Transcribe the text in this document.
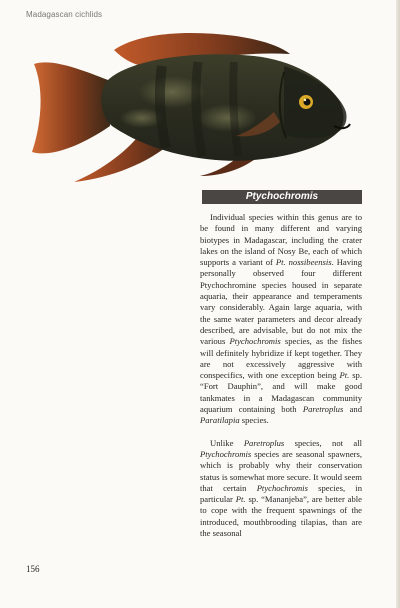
Madagascan cichlids
Ptychochromis

Individual species within this genus are to be found in many different and varying biotypes in Madagascar, including the crater lakes on the island of Nosy Be, each of which supports a variant of Pt. nossibeensis. Having personally observed four different Ptychochromine species housed in separate aquaria, their appearance and temperaments vary considerably. Again large aquaria, with the same water parameters and decor already described, are advisable, but do not mix the various Ptychochromis species, as the fishes will definitely hybridize if kept together. They are not excessively aggressive with conspecifics, with one exception being Pt. sp. “Fort Dauphin”, and will make good tankmates in a Madagascan community aquarium containing both Paretroplus and Paratilapia species.

Unlike Paretroplus species, not all Ptychochromis species are seasonal spawners, which is probably why their conservation status is somewhat more secure. It would seem that certain Ptychochromis species, in particular Pt. sp. “Mananjeba”, are better able to cope with the frequent spawnings of the introduced, mouthbrooding tilapias, than are the seasonal

156
